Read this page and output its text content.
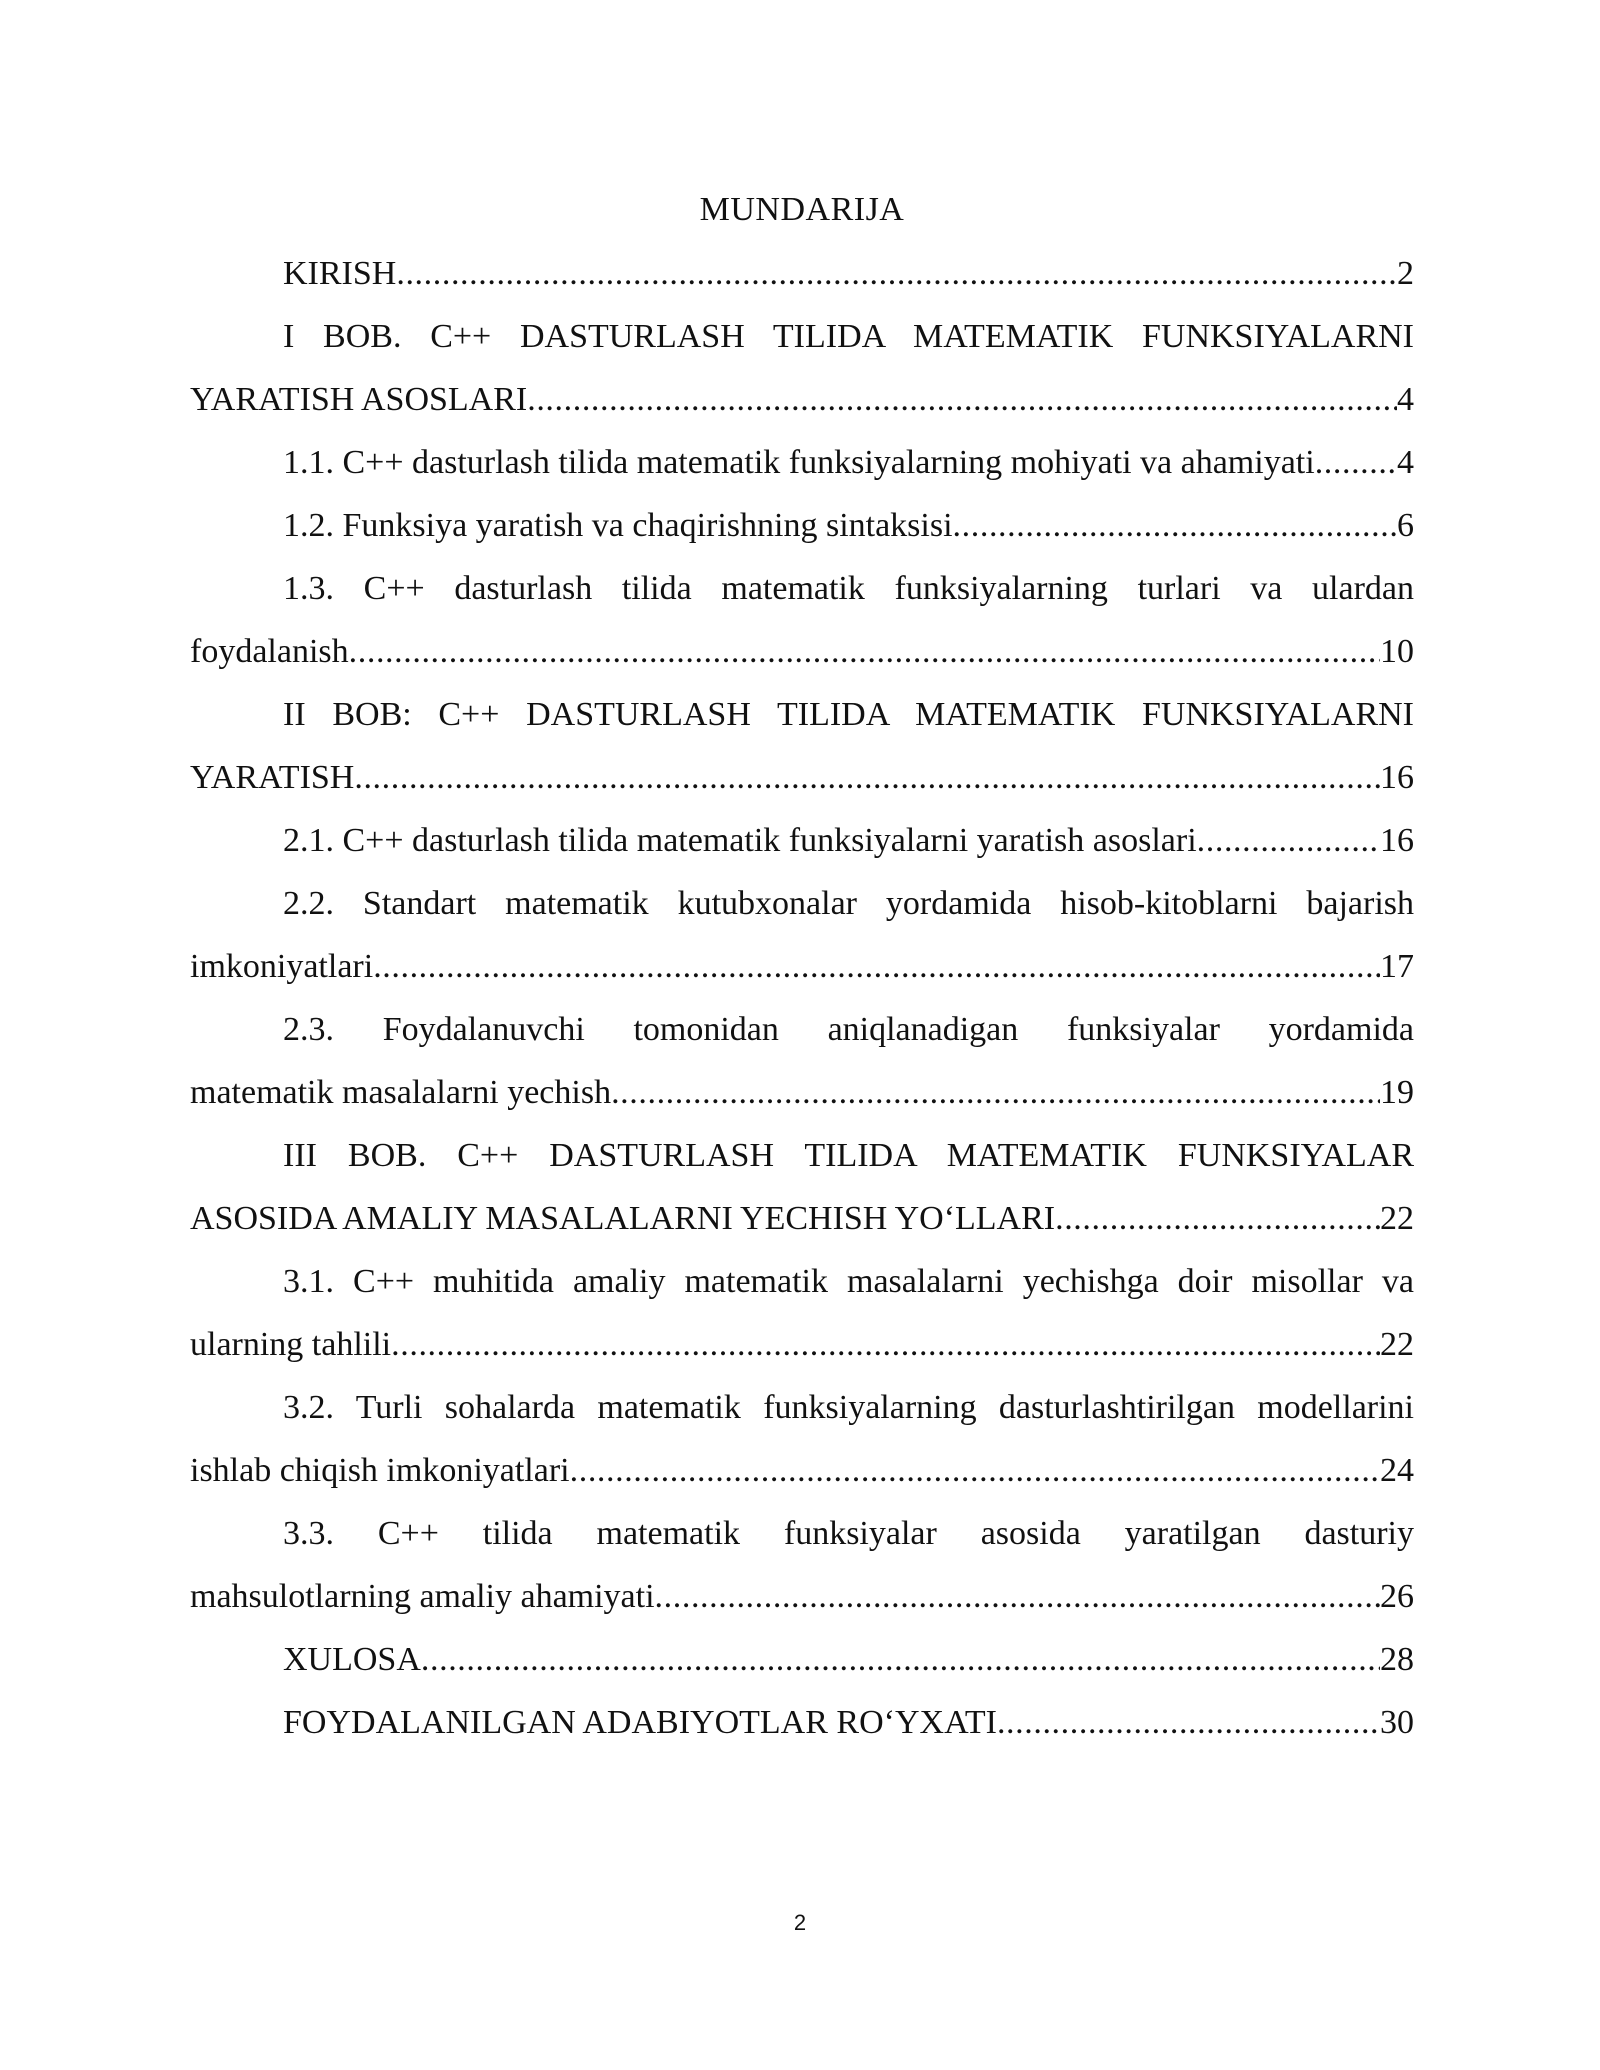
MUNDARIJA
KIRISH .....	2
I BOB. C++ DASTURLASH TILIDA MATEMATIK FUNKSIYALARNI
YARATISH ASOSLARI .....	4
1.1. C++ dasturlash tilida matematik funksiyalarning mohiyati va ahamiyati ..... 4
1.2. Funksiya yaratish va chaqirishning sintaksisi .....	6
1.3. C++ dasturlash tilida matematik funksiyalarning turlari va ulardan
foydalanish .....	10
II BOB: C++ DASTURLASH TILIDA MATEMATIK FUNKSIYALARNI
YARATISH .....	16
2.1. C++ dasturlash tilida matematik funksiyalarni yaratish asoslari .....	16
2.2. Standart matematik kutubxonalar yordamida hisob-kitoblarni bajarish
imkoniyatlari .....	17
2.3. Foydalanuvchi tomonidan aniqlanadigan funksiyalar yordamida
matematik masalalarni yechish .....	19
III BOB. C++ DASTURLASH TILIDA MATEMATIK FUNKSIYALAR
ASOSIDA AMALIY MASALALARNI YECHISH YO‘LLARI .....	22
3.1. C++ muhitida amaliy matematik masalalarni yechishga doir misollar va
ularning tahlili .....	22
3.2. Turli sohalarda matematik funksiyalarning dasturlashtirilgan modellarini
ishlab chiqish imkoniyatlari .....	24
3.3. C++ tilida matematik funksiyalar asosida yaratilgan dasturiy
mahsulotlarning amaliy ahamiyati .....	26
XULOSA .....	28
FOYDALANILGAN ADABIYOTLAR RO‘YXATI .....	30
2
